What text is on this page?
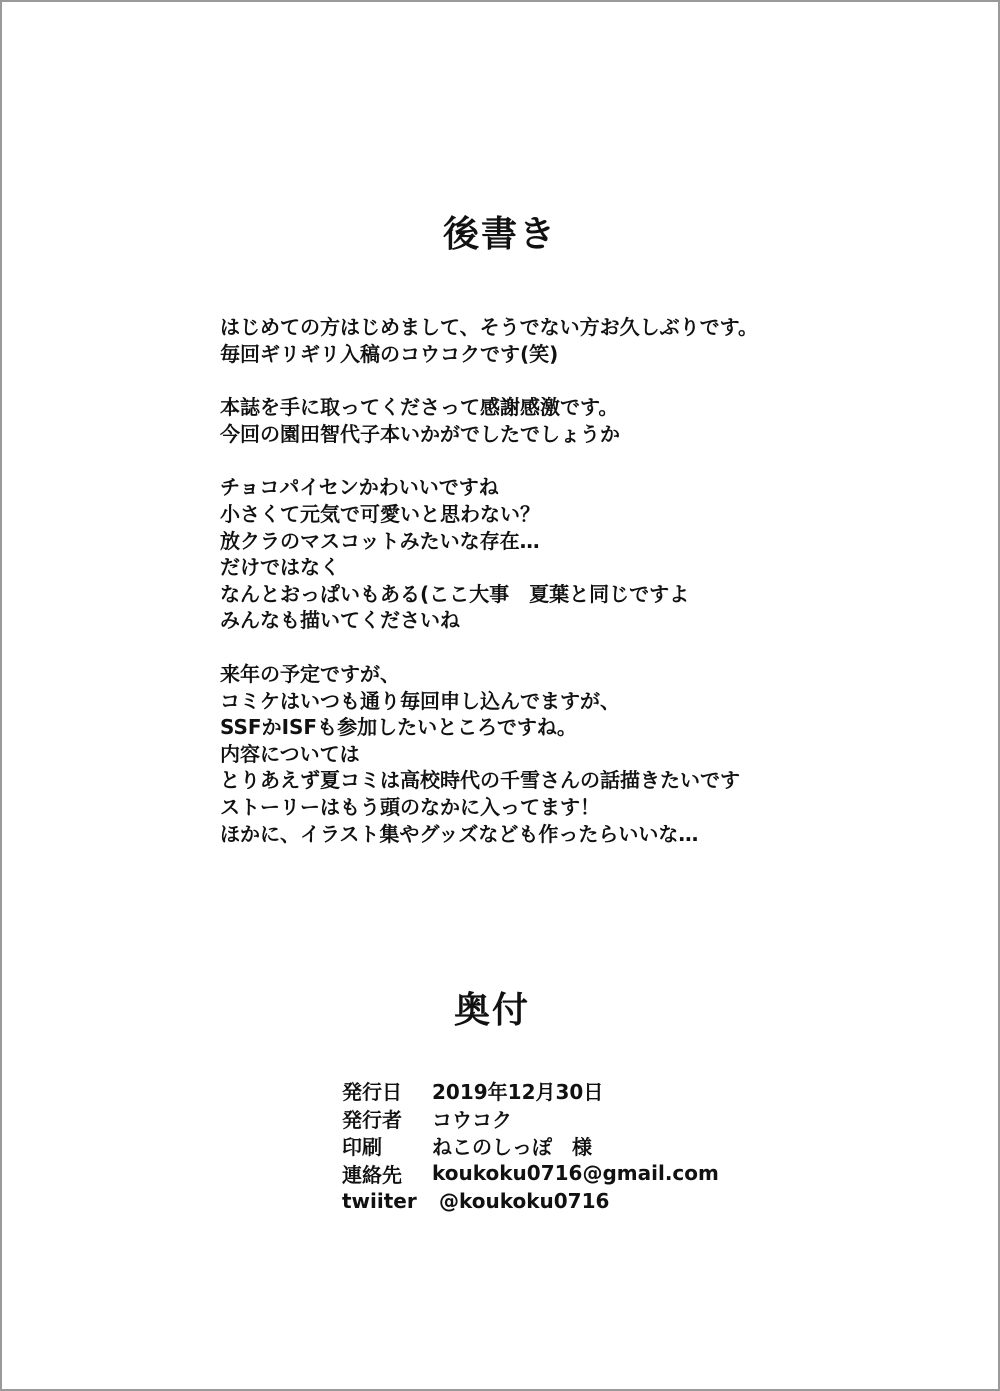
後書き
はじめての方はじめまして、そうでない方お久しぶりです。
毎回ギリギリ入稿のコウコクです(笑)
本誌を手に取ってくださって感謝感激です。
今回の園田智代子本いかがでしたでしょうか
チョコパイセンかわいいですね
小さくて元気で可愛いと思わない？
放クラのマスコットみたいな存在…
だけではなく
なんとおっぱいもある(ここ大事　夏葉と同じですよ
みんなも描いてくださいね
来年の予定ですが、
コミケはいつも通り毎回申し込んでますが、
SSFかISFも参加したいところですね。
内容については
とりあえず夏コミは高校時代の千雪さんの話描きたいです
ストーリーはもう頭のなかに入ってます！
ほかに、イラスト集やグッズなども作ったらいいな…
奥付
発行日	2019年12月30日
発行者	コウコク
印刷	ねこのしっぽ　様
連絡先	koukoku0716@gmail.com
twiiter @koukoku0716
